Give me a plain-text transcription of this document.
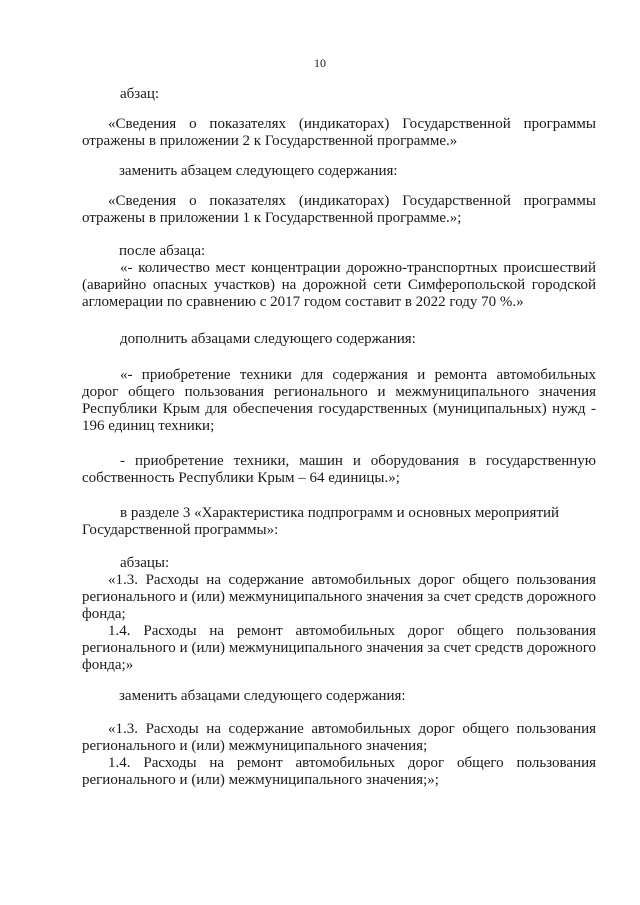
10
абзац:
«Сведения о показателях (индикаторах) Государственной программы
отражены в приложении 2 к Государственной программе.»
заменить абзацем следующего содержания:
«Сведения о показателях (индикаторах) Государственной программы
отражены в приложении 1 к Государственной программе.»;
после абзаца:
«- количество мест концентрации дорожно-транспортных происшествий
(аварийно опасных участков) на дорожной сети Симферопольской городской
агломерации по сравнению с 2017 годом составит в 2022 году 70 %.»
дополнить абзацами следующего содержания:
«- приобретение техники для содержания и ремонта автомобильных
дорог общего пользования регионального и межмуниципального значения
Республики Крым для обеспечения государственных (муниципальных) нужд -
196 единиц техники;
- приобретение техники, машин и оборудования в государственную
собственность Республики Крым – 64 единицы.»;
в разделе 3 «Характеристика подпрограмм и основных мероприятий
Государственной программы»:
абзацы:
«1.3. Расходы на содержание автомобильных дорог общего пользования
регионального и (или) межмуниципального значения за счет средств дорожного
фонда;
1.4. Расходы на ремонт автомобильных дорог общего пользования
регионального и (или) межмуниципального значения за счет средств дорожного
фонда;»
заменить абзацами следующего содержания:
«1.3. Расходы на содержание автомобильных дорог общего пользования
регионального и (или) межмуниципального значения;
1.4. Расходы на ремонт автомобильных дорог общего пользования
регионального и (или) межмуниципального значения;»;
